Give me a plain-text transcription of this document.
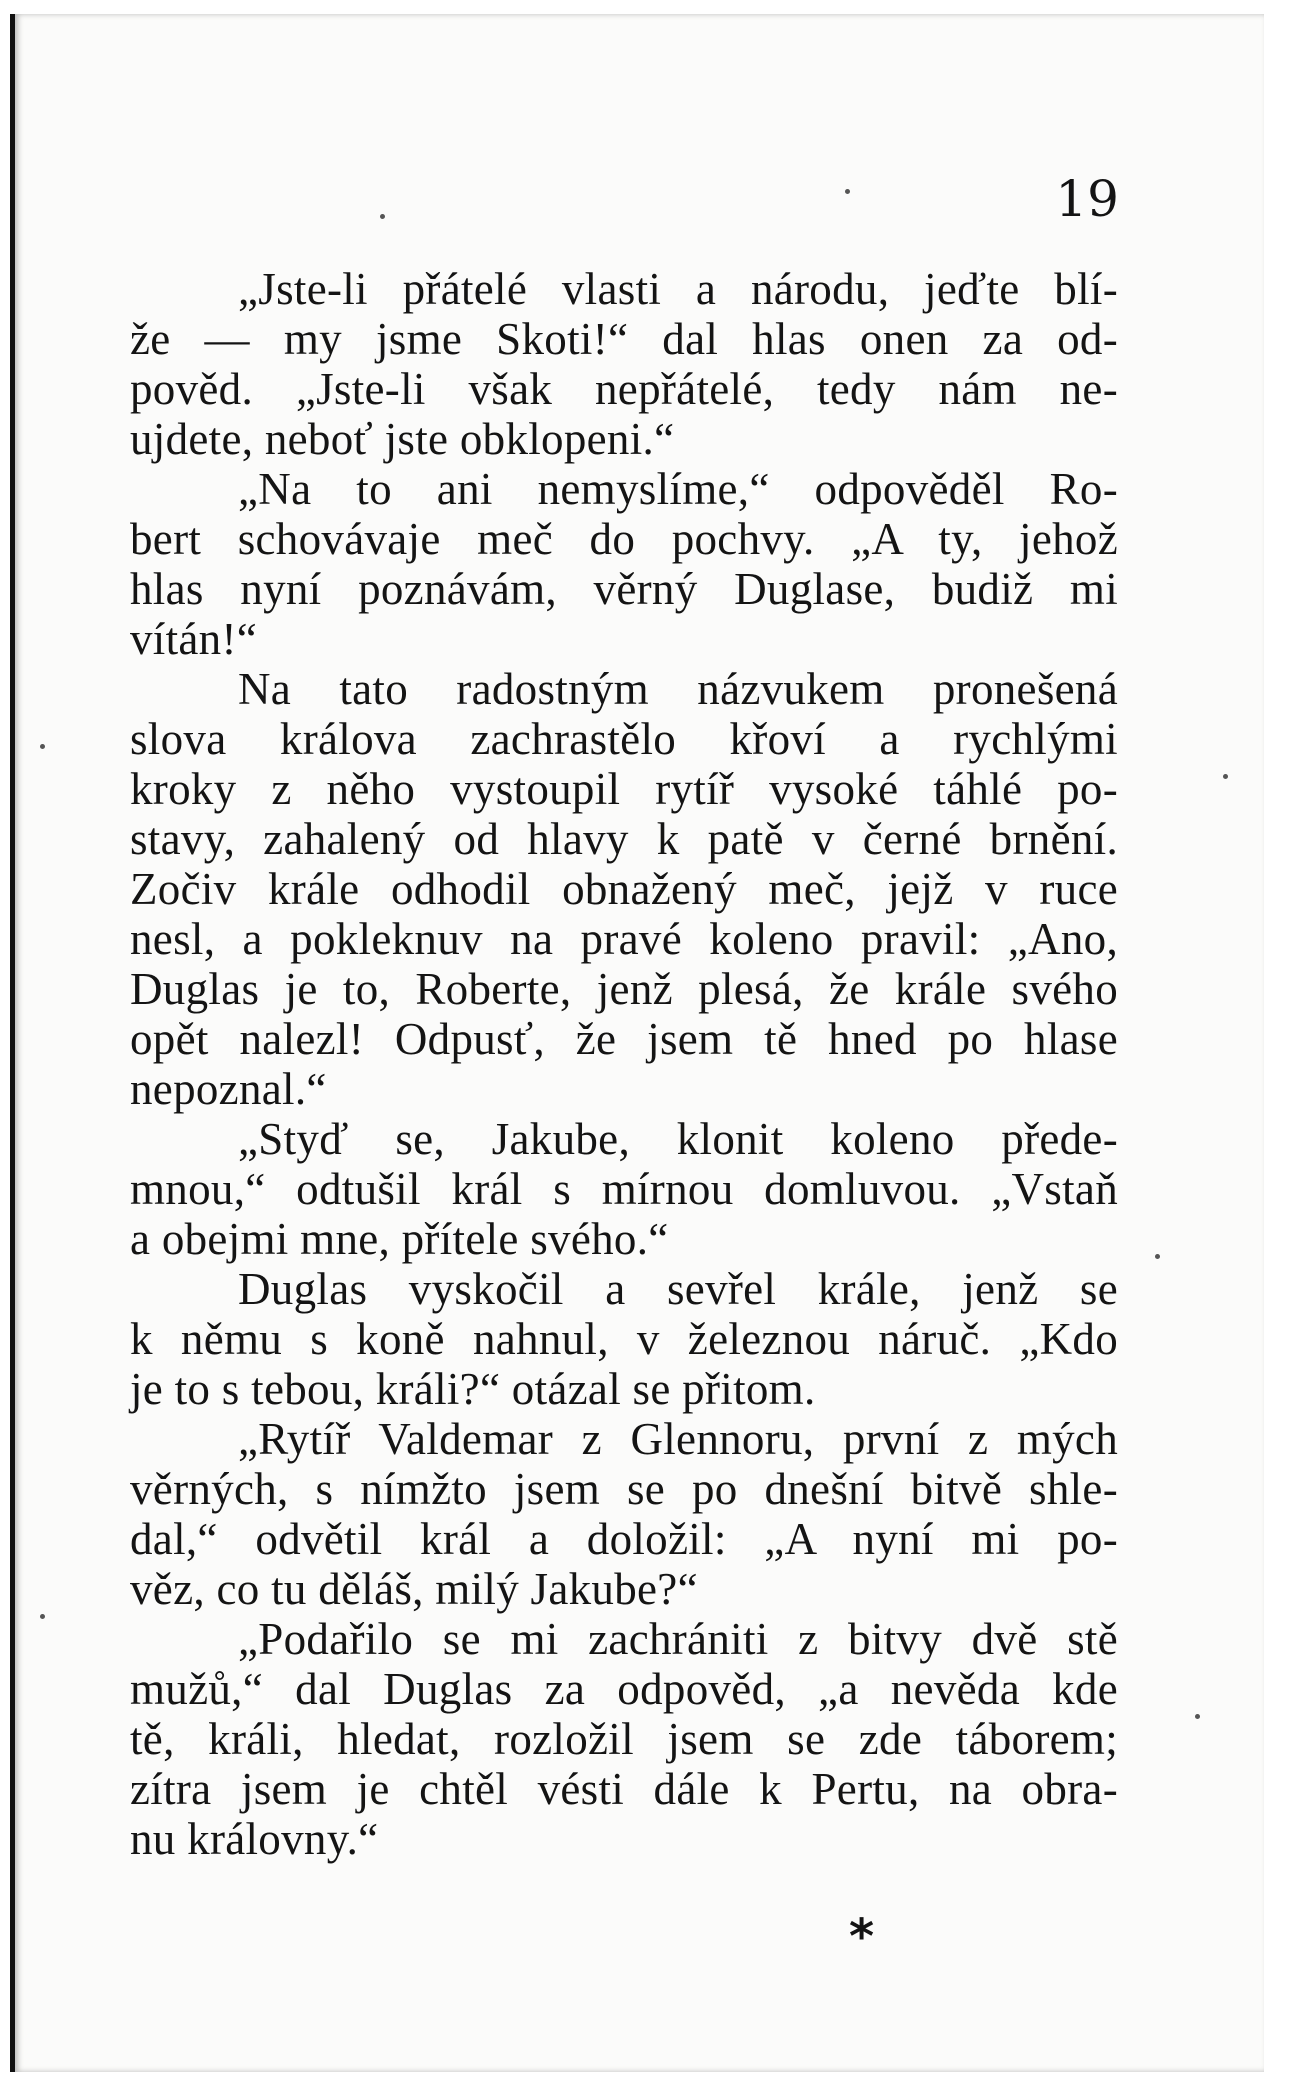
19
„Jste-li přátelé vlasti a národu, jeďte blí-
že — my jsme Skoti!“ dal hlas onen za od-
pověd. „Jste-li však nepřátelé, tedy nám ne-
ujdete, neboť jste obklopeni.“
„Na to ani nemyslíme,“ odpověděl Ro-
bert schovávaje meč do pochvy. „A ty, jehož
hlas nyní poznávám, věrný Duglase, budiž mi
vítán!“
Na tato radostným názvukem pronešená
slova králova zachrastělo křoví a rychlými
kroky z něho vystoupil rytíř vysoké táhlé po-
stavy, zahalený od hlavy k patě v černé brnění.
Zočiv krále odhodil obnažený meč, jejž v ruce
nesl, a pokleknuv na pravé koleno pravil: „Ano,
Duglas je to, Roberte, jenž plesá, že krále svého
opět nalezl! Odpusť, že jsem tě hned po hlase
nepoznal.“
„Styď se, Jakube, klonit koleno přede-
mnou,“ odtušil král s mírnou domluvou. „Vstaň
a obejmi mne, přítele svého.“
Duglas vyskočil a sevřel krále, jenž se
k němu s koně nahnul, v železnou náruč. „Kdo
je to s tebou, králi?“ otázal se přitom.
„Rytíř Valdemar z Glennoru, první z mých
věrných, s nímžto jsem se po dnešní bitvě shle-
dal,“ odvětil král a doložil: „A nyní mi po-
věz, co tu děláš, milý Jakube?“
„Podařilo se mi zachrániti z bitvy dvě stě
mužů,“ dal Duglas za odpověd, „a nevěda kde
tě, králi, hledat, rozložil jsem se zde táborem;
zítra jsem je chtěl vésti dále k Pertu, na obra-
nu královny.“
*
